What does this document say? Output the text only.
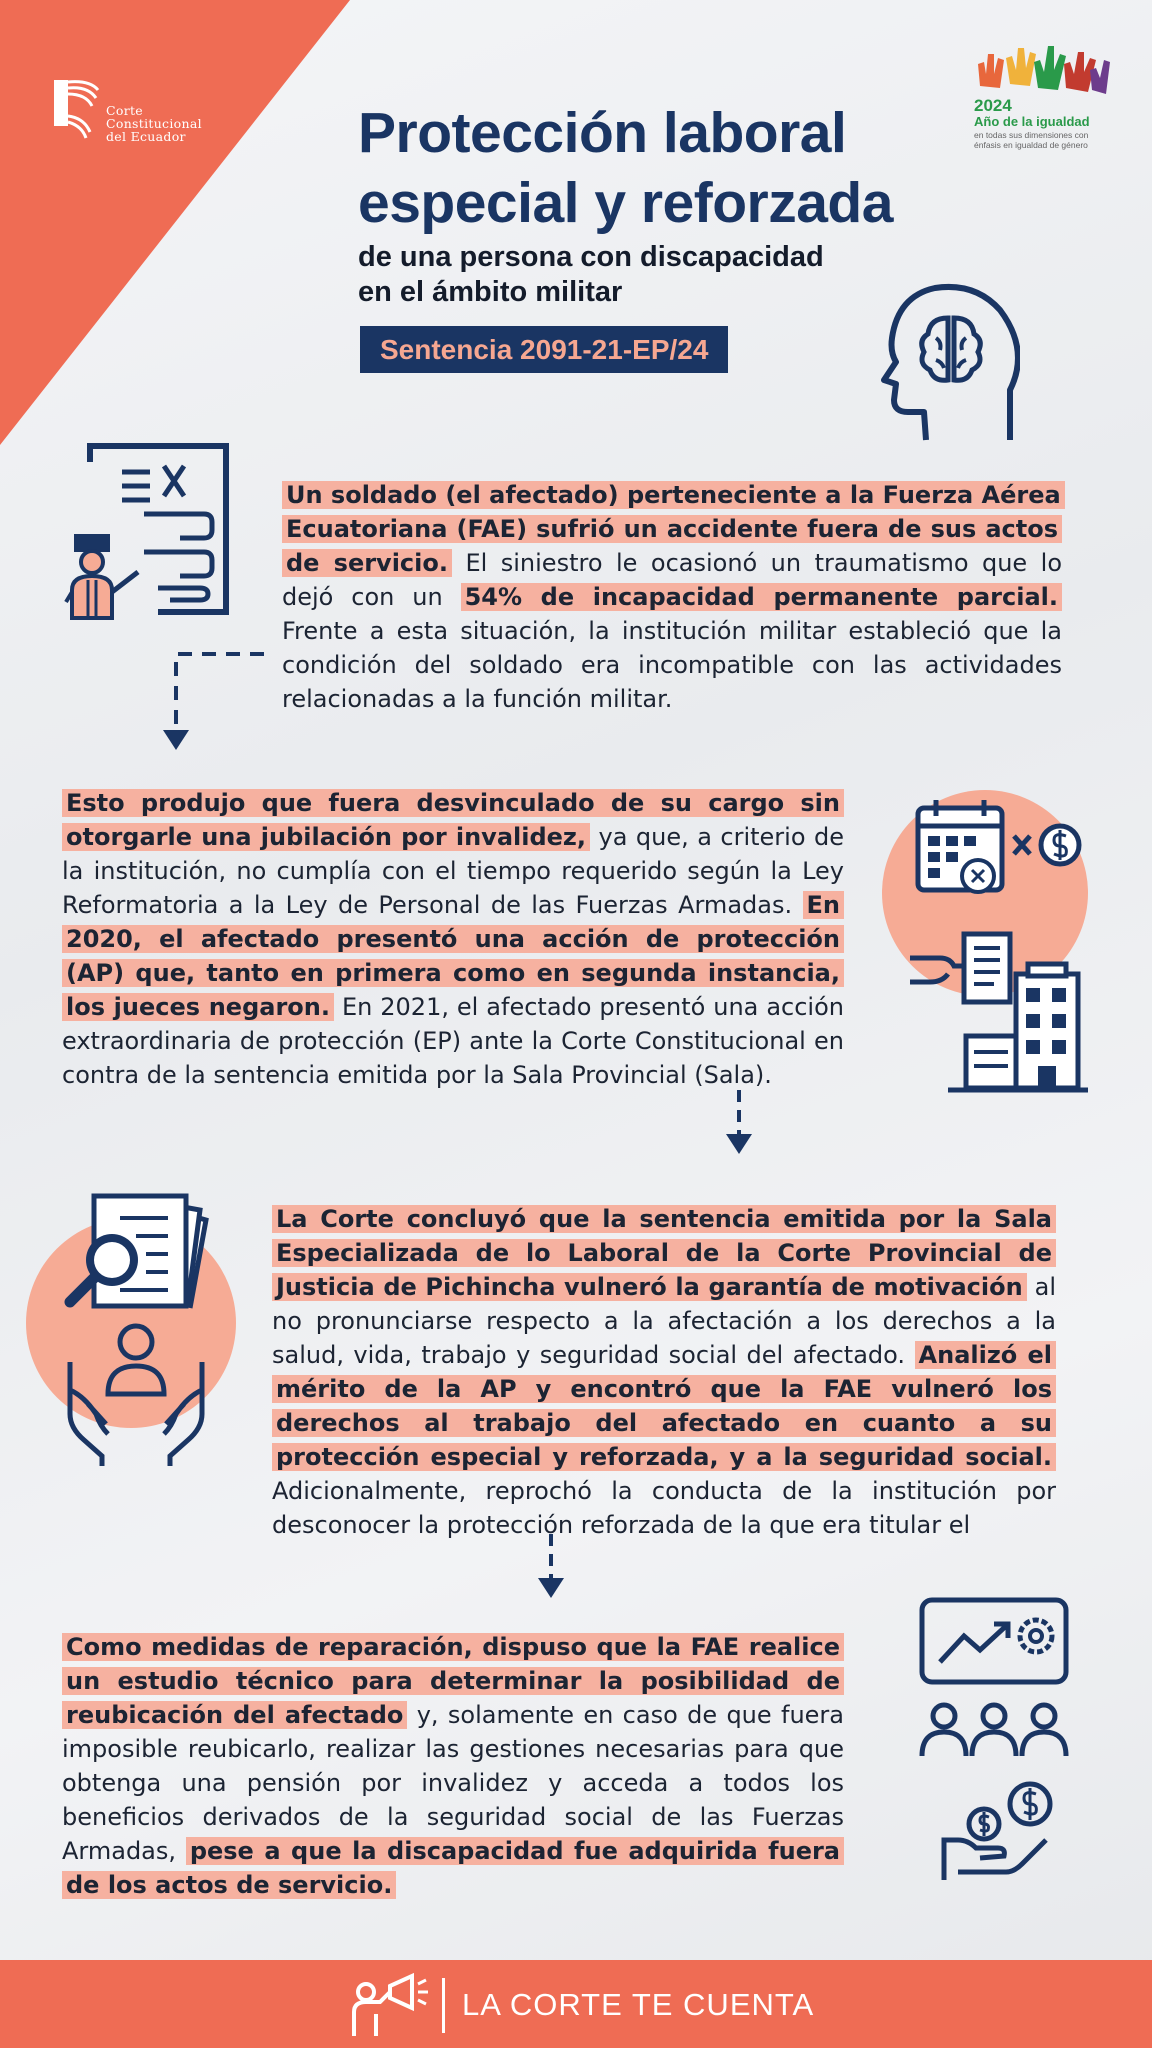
Corte
Constitucional
del Ecuador
2024
Año de la igualdad
en todas sus dimensiones con
énfasis en igualdad de género
Protección laboral
especial y reforzada
de una persona con discapacidad
en el ámbito militar
Sentencia 2091-21-EP/24
Un soldado (el afectado) perteneciente a la Fuerza Aérea Ecuatoriana (FAE) sufrió un accidente fuera de sus actos de servicio. El siniestro le ocasionó un traumatismo que lo dejó con un 54% de incapacidad permanente parcial. Frente a esta situación, la institución militar estableció que la condición del soldado era incompatible con las actividades relacionadas a la función militar.
Esto produjo que fuera desvinculado de su cargo sin otorgarle una jubilación por invalidez, ya que, a criterio de la institución, no cumplía con el tiempo requerido según la Ley Reformatoria a la Ley de Personal de las Fuerzas Armadas. En 2020, el afectado presentó una acción de protección (AP) que, tanto en primera como en segunda instancia, los jueces negaron. En 2021, el afectado presentó una acción extraordinaria de protección (EP) ante la Corte Constitucional en contra de la sentencia emitida por la Sala Provincial (Sala).
La Corte concluyó que la sentencia emitida por la Sala Especializada de lo Laboral de la Corte Provincial de Justicia de Pichincha vulneró la garantía de motivación al no pronunciarse respecto a la afectación a los derechos a la salud, vida, trabajo y seguridad social del afectado. Analizó el mérito de la AP y encontró que la FAE vulneró los derechos al trabajo del afectado en cuanto a su protección especial y reforzada, y a la seguridad social. Adicionalmente, reprochó la conducta de la institución por desconocer la protección reforzada de la que era titular el
Como medidas de reparación, dispuso que la FAE realice un estudio técnico para determinar la posibilidad de reubicación del afectado y, solamente en caso de que fuera imposible reubicarlo, realizar las gestiones necesarias para que obtenga una pensión por invalidez y acceda a todos los beneficios derivados de la seguridad social de las Fuerzas Armadas, pese a que la discapacidad fue adquirida fuera de los actos de servicio.
LA CORTE TE CUENTA
